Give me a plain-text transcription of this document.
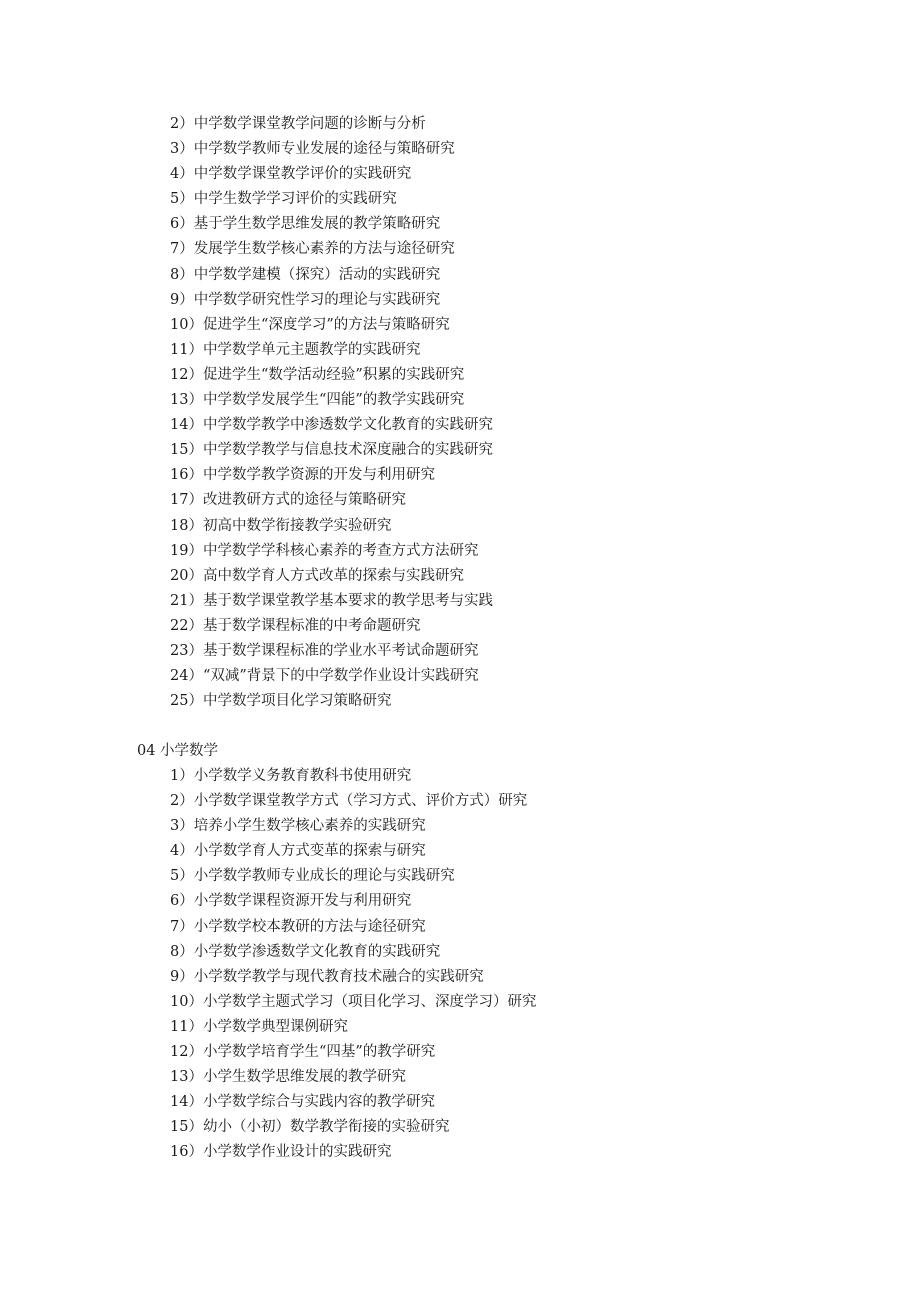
2）中学数学课堂教学问题的诊断与分析
3）中学数学教师专业发展的途径与策略研究
4）中学数学课堂教学评价的实践研究
5）中学生数学学习评价的实践研究
6）基于学生数学思维发展的教学策略研究
7）发展学生数学核心素养的方法与途径研究
8）中学数学建模（探究）活动的实践研究
9）中学数学研究性学习的理论与实践研究
10）促进学生“深度学习”的方法与策略研究
11）中学数学单元主题教学的实践研究
12）促进学生“数学活动经验”积累的实践研究
13）中学数学发展学生“四能”的教学实践研究
14）中学数学教学中渗透数学文化教育的实践研究
15）中学数学教学与信息技术深度融合的实践研究
16）中学数学教学资源的开发与利用研究
17）改进教研方式的途径与策略研究
18）初高中数学衔接教学实验研究
19）中学数学学科核心素养的考查方式方法研究
20）高中数学育人方式改革的探索与实践研究
21）基于数学课堂教学基本要求的教学思考与实践
22）基于数学课程标准的中考命题研究
23）基于数学课程标准的学业水平考试命题研究
24）“双减”背景下的中学数学作业设计实践研究
25）中学数学项目化学习策略研究
04 小学数学
1）小学数学义务教育教科书使用研究
2）小学数学课堂教学方式（学习方式、评价方式）研究
3）培养小学生数学核心素养的实践研究
4）小学数学育人方式变革的探索与研究
5）小学数学教师专业成长的理论与实践研究
6）小学数学课程资源开发与利用研究
7）小学数学校本教研的方法与途径研究
8）小学数学渗透数学文化教育的实践研究
9）小学数学教学与现代教育技术融合的实践研究
10）小学数学主题式学习（项目化学习、深度学习）研究
11）小学数学典型课例研究
12）小学数学培育学生“四基”的教学研究
13）小学生数学思维发展的教学研究
14）小学数学综合与实践内容的教学研究
15）幼小（小初）数学教学衔接的实验研究
16）小学数学作业设计的实践研究
